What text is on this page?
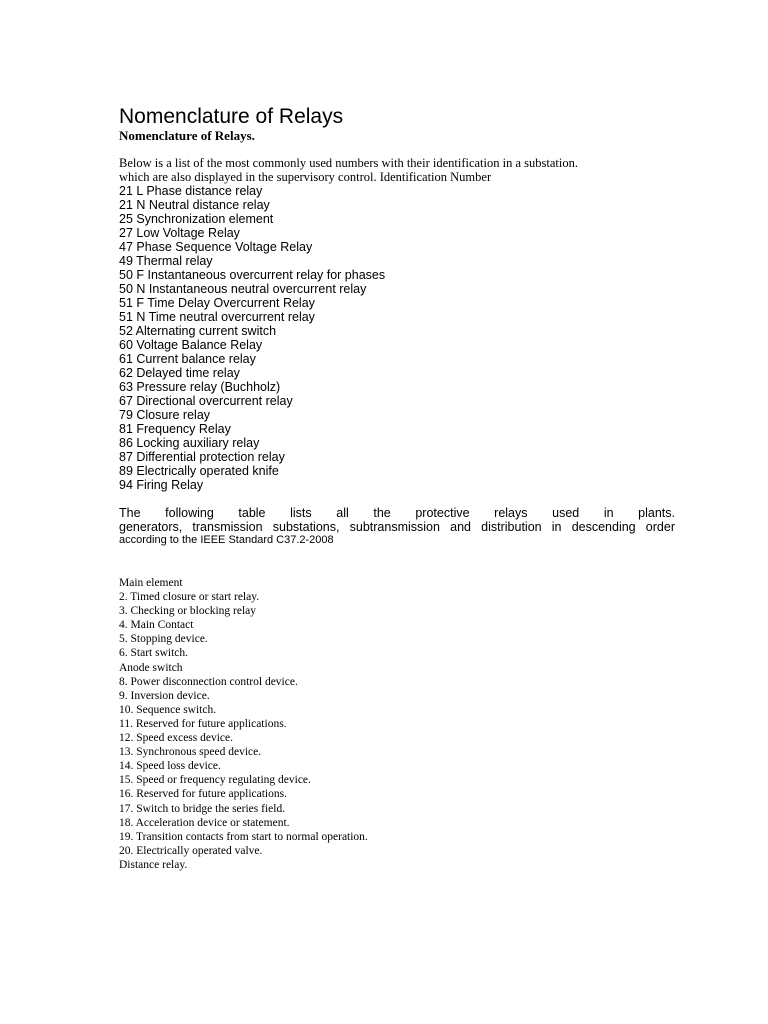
Nomenclature of Relays
Nomenclature of Relays.

Below is a list of the most commonly used numbers with their identification in a substation.
which are also displayed in the supervisory control. Identification Number

21 L Phase distance relay
21 N Neutral distance relay
25 Synchronization element
27 Low Voltage Relay
47 Phase Sequence Voltage Relay
49 Thermal relay
50 F Instantaneous overcurrent relay for phases
50 N Instantaneous neutral overcurrent relay
51 F Time Delay Overcurrent Relay
51 N Time neutral overcurrent relay
52 Alternating current switch
60 Voltage Balance Relay
61 Current balance relay
62 Delayed time relay
63 Pressure relay (Buchholz)
67 Directional overcurrent relay
79 Closure relay
81 Frequency Relay
86 Locking auxiliary relay
87 Differential protection relay
89 Electrically operated knife
94 Firing Relay

The following table lists all the protective relays used in plants.
generators, transmission substations, subtransmission and distribution in descending order
according to the IEEE Standard C37.2-2008

Main element
2. Timed closure or start relay.
3. Checking or blocking relay
4. Main Contact
5. Stopping device.
6. Start switch.
Anode switch
8. Power disconnection control device.
9. Inversion device.
10. Sequence switch.
11. Reserved for future applications.
12. Speed excess device.
13. Synchronous speed device.
14. Speed loss device.
15. Speed or frequency regulating device.
16. Reserved for future applications.
17. Switch to bridge the series field.
18. Acceleration device or statement.
19. Transition contacts from start to normal operation.
20. Electrically operated valve.
Distance relay.
